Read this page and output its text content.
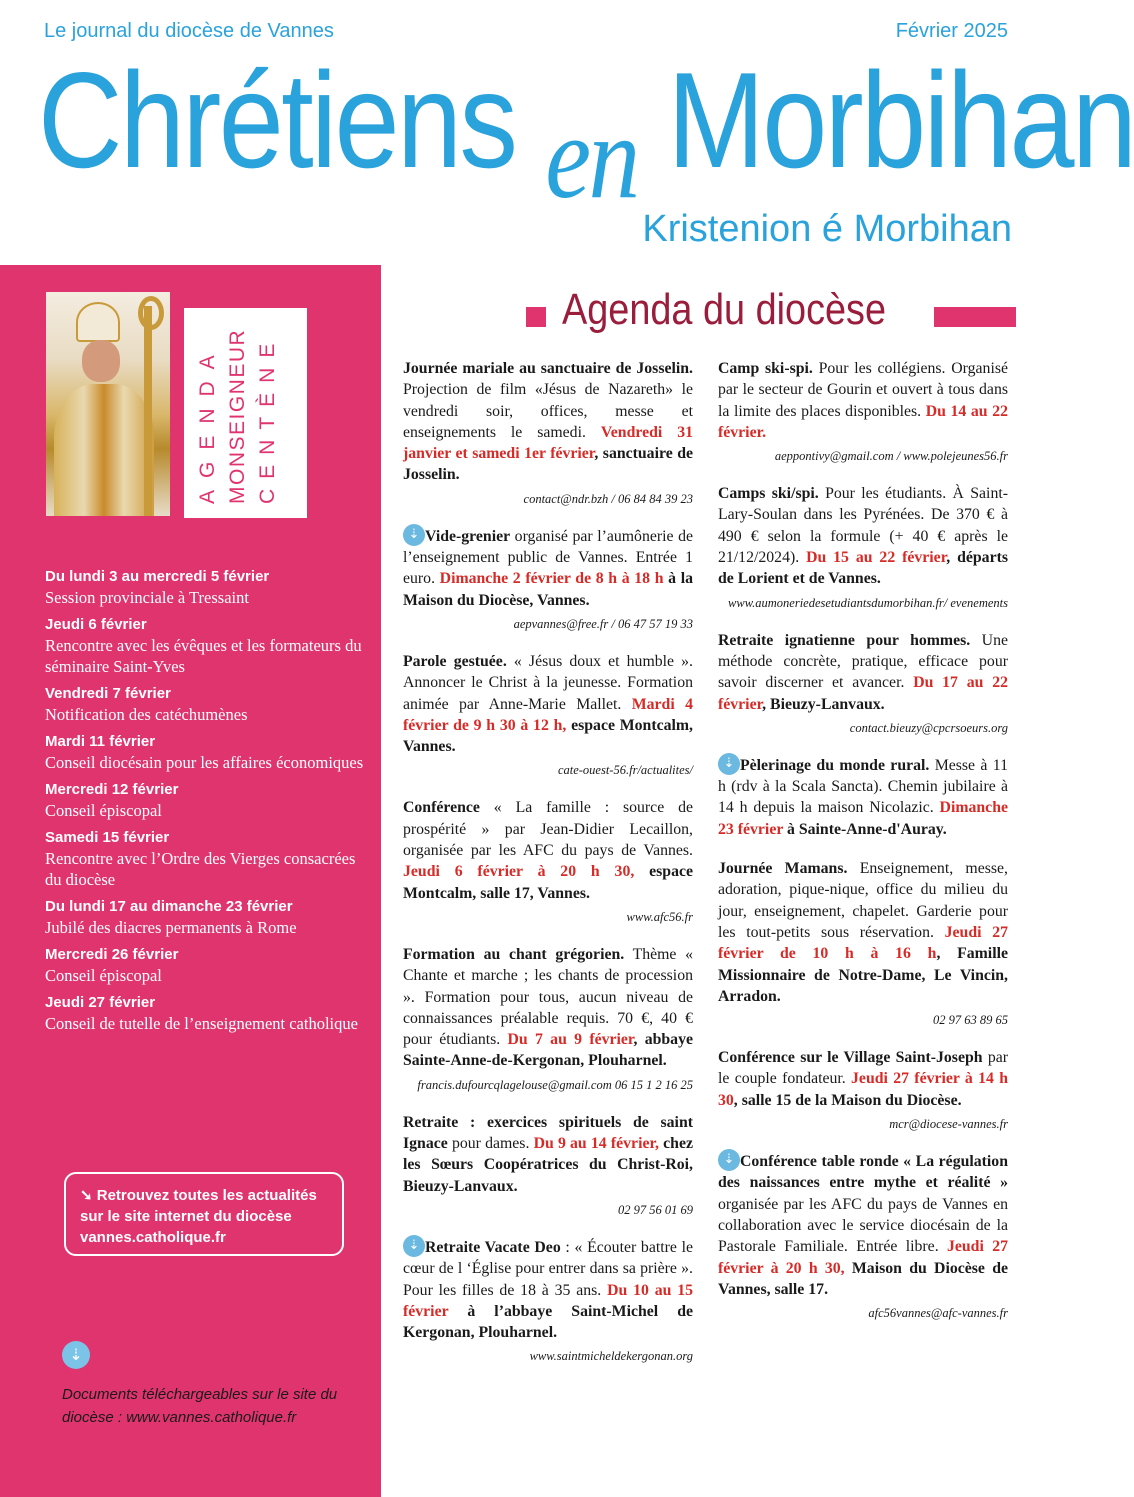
Le journal du diocèse de Vannes	Février 2025
Chrétiens en Morbihan
Kristenion é Morbihan
AGENDA MONSEIGNEUR CENTÈNE
Du lundi 3 au mercredi 5 février
Session provinciale à Tressaint
Jeudi 6 février
Rencontre avec les évêques et les formateurs du séminaire Saint-Yves
Vendredi 7 février
Notification des catéchumènes
Mardi 11 février
Conseil diocésain pour les affaires économiques
Mercredi 12 février
Conseil épiscopal
Samedi 15 février
Rencontre avec l’Ordre des Vierges consacrées du diocèse
Du lundi 17 au dimanche 23 février
Jubilé des diacres permanents à Rome
Mercredi 26 février
Conseil épiscopal
Jeudi 27 février
Conseil de tutelle de l’enseignement catholique
➘ Retrouvez toutes les actualités sur le site internet du diocèse vannes.catholique.fr
⇣
Documents téléchargeables sur le site du diocèse : www.vannes.catholique.fr
Agenda du diocèse
Journée mariale au sanctuaire de Josselin. Projection de film «Jésus de Nazareth» le vendredi soir, offices, messe et enseignements le samedi. Vendredi 31 janvier et samedi 1er février, sanctuaire de Josselin.
contact@ndr.bzh / 06 84 84 39 23
⇣ Vide-grenier organisé par l’aumônerie de l’enseignement public de Vannes. Entrée 1 euro. Dimanche 2 février de 8 h à 18 h à la Maison du Diocèse, Vannes.
aepvannes@free.fr / 06 47 57 19 33
Parole gestuée. « Jésus doux et humble ». Annoncer le Christ à la jeunesse. Formation animée par Anne-Marie Mallet. Mardi 4 février de 9 h 30 à 12 h, espace Montcalm, Vannes.
cate-ouest-56.fr/actualites/
Conférence « La famille : source de prospérité » par Jean-Didier Lecaillon, organisée par les AFC du pays de Vannes. Jeudi 6 février à 20 h 30, espace Montcalm, salle 17, Vannes.
www.afc56.fr
Formation au chant grégorien. Thème « Chante et marche ; les chants de procession ». Formation pour tous, aucun niveau de connaissances préalable requis. 70 €, 40 € pour étudiants. Du 7 au 9 février, abbaye Sainte-Anne-de-Kergonan, Plouharnel.
francis.dufourcqlagelouse@gmail.com 06 15 1 2 16 25
Retraite : exercices spirituels de saint Ignace pour dames. Du 9 au 14 février, chez les Sœurs Coopératrices du Christ-Roi, Bieuzy-Lanvaux.
02 97 56 01 69
⇣ Retraite Vacate Deo : « Écouter battre le cœur de l ‘Église pour entrer dans sa prière ». Pour les filles de 18 à 35 ans. Du 10 au 15 février à l’abbaye Saint-Michel de Kergonan, Plouharnel.
www.saintmicheldekergonan.org
Camp ski-spi. Pour les collégiens. Organisé par le secteur de Gourin et ouvert à tous dans la limite des places disponibles. Du 14 au 22 février.
aeppontivy@gmail.com / www.polejeunes56.fr
Camps ski/spi. Pour les étudiants. À Saint-Lary-Soulan dans les Pyrénées. De 370 € à 490 € selon la formule (+ 40 € après le 21/12/2024). Du 15 au 22 février, départs de Lorient et de Vannes.
www.aumoneriedesetudiantsdumorbihan.fr/ evenements
Retraite ignatienne pour hommes. Une méthode concrète, pratique, efficace pour savoir discerner et avancer. Du 17 au 22 février, Bieuzy-Lanvaux.
contact.bieuzy@cpcrsoeurs.org
⇣ Pèlerinage du monde rural. Messe à 11 h (rdv à la Scala Sancta). Chemin jubilaire à 14 h depuis la maison Nicolazic. Dimanche 23 février à Sainte-Anne-d'Auray.
Journée Mamans. Enseignement, messe, adoration, pique-nique, office du milieu du jour, enseignement, chapelet. Garderie pour les tout-petits sous réservation. Jeudi 27 février de 10 h à 16 h, Famille Missionnaire de Notre-Dame, Le Vincin, Arradon.
02 97 63 89 65
Conférence sur le Village Saint-Joseph par le couple fondateur. Jeudi 27 février à 14 h 30, salle 15 de la Maison du Diocèse.
mcr@diocese-vannes.fr
⇣ Conférence table ronde « La régulation des naissances entre mythe et réalité » organisée par les AFC du pays de Vannes en collaboration avec le service diocésain de la Pastorale Familiale. Entrée libre. Jeudi 27 février à 20 h 30, Maison du Diocèse de Vannes, salle 17.
afc56vannes@afc-vannes.fr
